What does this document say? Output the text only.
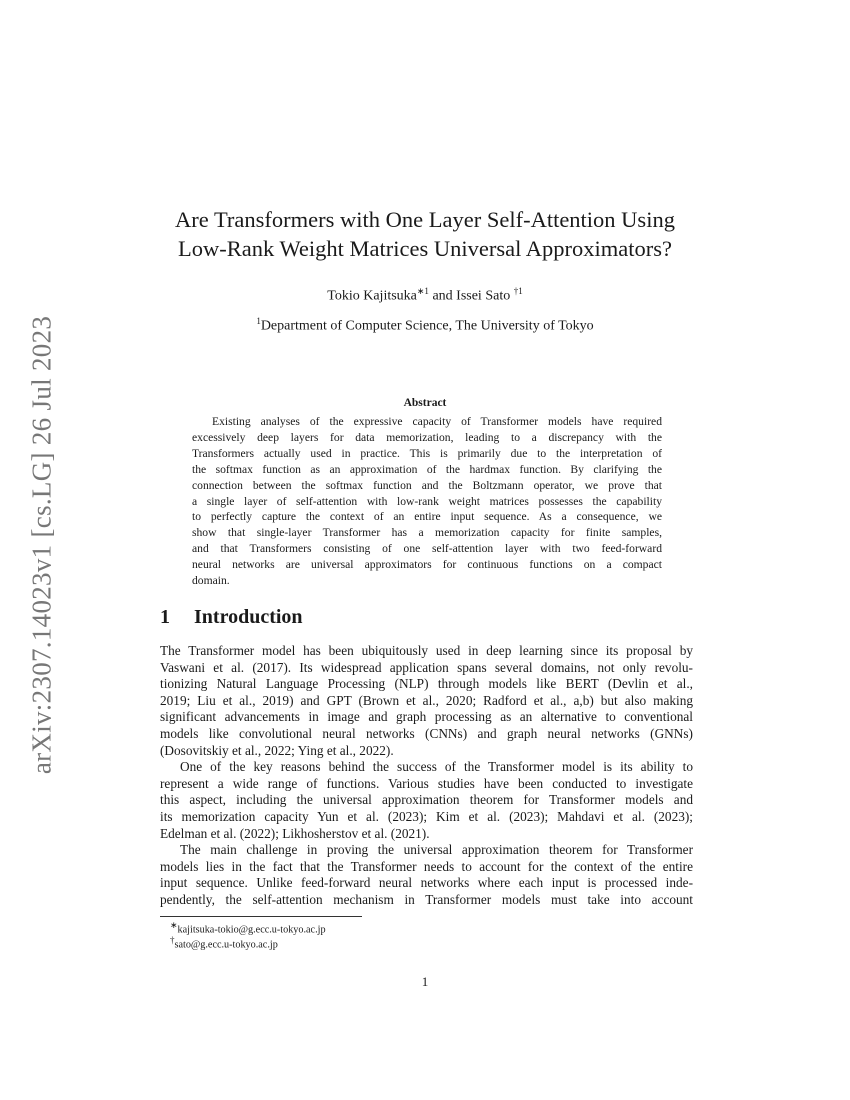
arXiv:2307.14023v1 [cs.LG] 26 Jul 2023
Are Transformers with One Layer Self-Attention Using
Low-Rank Weight Matrices Universal Approximators?
Tokio Kajitsuka$^{∗1}$ and Issei Sato $^{\dagger 1}$
$^1$Department of Computer Science, The University of Tokyo
Abstract
Existing analyses of the expressive capacity of Transformer models have required
excessively deep layers for data memorization, leading to a discrepancy with the
Transformers actually used in practice. This is primarily due to the interpretation of
the softmax function as an approximation of the hardmax function. By clarifying the
connection between the softmax function and the Boltzmann operator, we prove that
a single layer of self-attention with low-rank weight matrices possesses the capability
to perfectly capture the context of an entire input sequence. As a consequence, we
show that single-layer Transformer has a memorization capacity for finite samples,
and that Transformers consisting of one self-attention layer with two feed-forward
neural networks are universal approximators for continuous functions on a compact
domain.
1 Introduction
The Transformer model has been ubiquitously used in deep learning since its proposal by
Vaswani et al. (2017). Its widespread application spans several domains, not only revolu-
tionizing Natural Language Processing (NLP) through models like BERT (Devlin et al.,
2019; Liu et al., 2019) and GPT (Brown et al., 2020; Radford et al., a,b) but also making
significant advancements in image and graph processing as an alternative to conventional
models like convolutional neural networks (CNNs) and graph neural networks (GNNs)
(Dosovitskiy et al., 2022; Ying et al., 2022).
One of the key reasons behind the success of the Transformer model is its ability to
represent a wide range of functions. Various studies have been conducted to investigate
this aspect, including the universal approximation theorem for Transformer models and
its memorization capacity Yun et al. (2023); Kim et al. (2023); Mahdavi et al. (2023);
Edelman et al. (2022); Likhosherstov et al. (2021).
The main challenge in proving the universal approximation theorem for Transformer
models lies in the fact that the Transformer needs to account for the context of the entire
input sequence. Unlike feed-forward neural networks where each input is processed inde-
pendently, the self-attention mechanism in Transformer models must take into account
∗kajitsuka-tokio@g.ecc.u-tokyo.ac.jp
†sato@g.ecc.u-tokyo.ac.jp
1
